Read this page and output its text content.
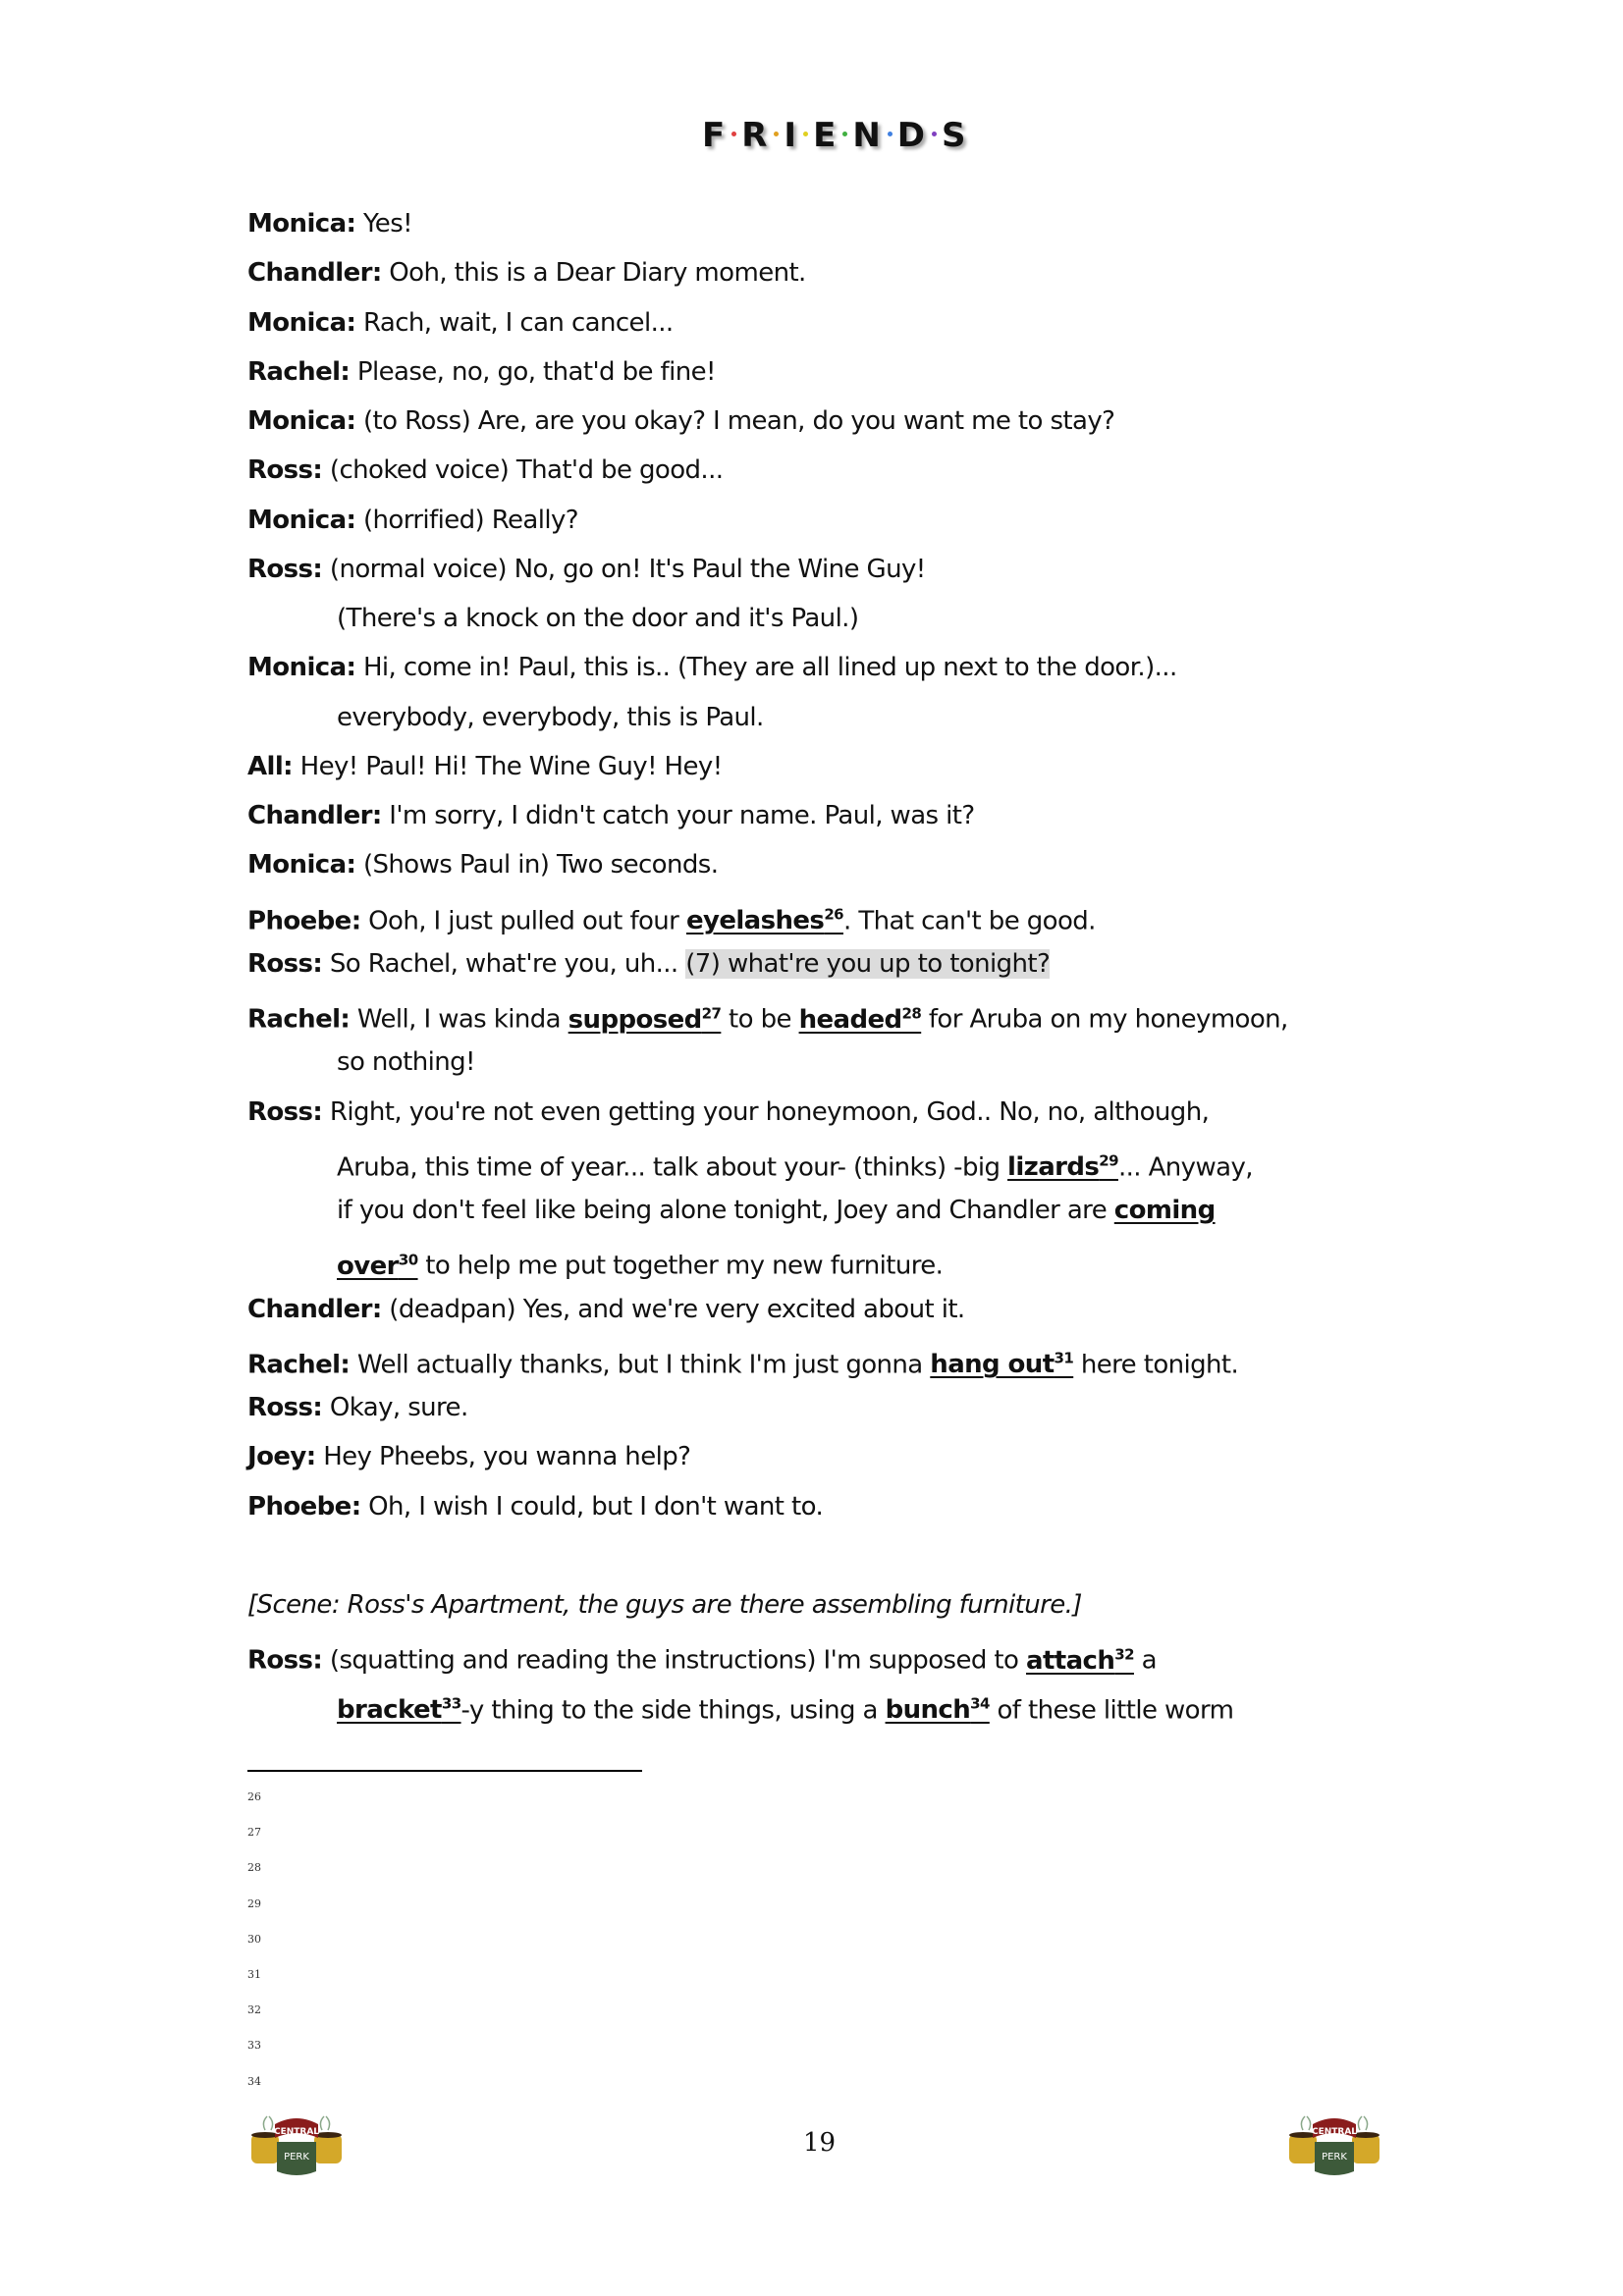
F R I E N D S
Monica: Yes!
Chandler: Ooh, this is a Dear Diary moment.
Monica: Rach, wait, I can cancel...
Rachel: Please, no, go, that'd be fine!
Monica: (to Ross) Are, are you okay? I mean, do you want me to stay?
Ross: (choked voice) That'd be good...
Monica: (horrified) Really?
Ross: (normal voice) No, go on! It's Paul the Wine Guy!
(There's a knock on the door and it's Paul.)
Monica: Hi, come in! Paul, this is.. (They are all lined up next to the door.)...
everybody, everybody, this is Paul.
All: Hey! Paul! Hi! The Wine Guy! Hey!
Chandler: I'm sorry, I didn't catch your name. Paul, was it?
Monica: (Shows Paul in) Two seconds.
Phoebe: Ooh, I just pulled out four eyelashes$^{26}$. That can't be good.
Ross: So Rachel, what're you, uh... (7) what're you up to tonight?
Rachel: Well, I was kinda supposed$^{27}$ to be headed$^{28}$ for Aruba on my honeymoon,
so nothing!
Ross: Right, you're not even getting your honeymoon, God.. No, no, although,
Aruba, this time of year... talk about your- (thinks) -big lizards$^{29}$... Anyway,
if you don't feel like being alone tonight, Joey and Chandler are coming
over$^{30}$ to help me put together my new furniture.
Chandler: (deadpan) Yes, and we're very excited about it.
Rachel: Well actually thanks, but I think I'm just gonna hang out$^{31}$ here tonight.
Ross: Okay, sure.
Joey: Hey Pheebs, you wanna help?
Phoebe: Oh, I wish I could, but I don't want to.
[Scene: Ross's Apartment, the guys are there assembling furniture.]
Ross: (squatting and reading the instructions) I'm supposed to attach$^{32}$ a
bracket$^{33}$-y thing to the side things, using a bunch$^{34}$ of these little worm
26
27
28
29
30
31
32
33
34
19
CENTRAL
PERK
CENTRAL
PERK
